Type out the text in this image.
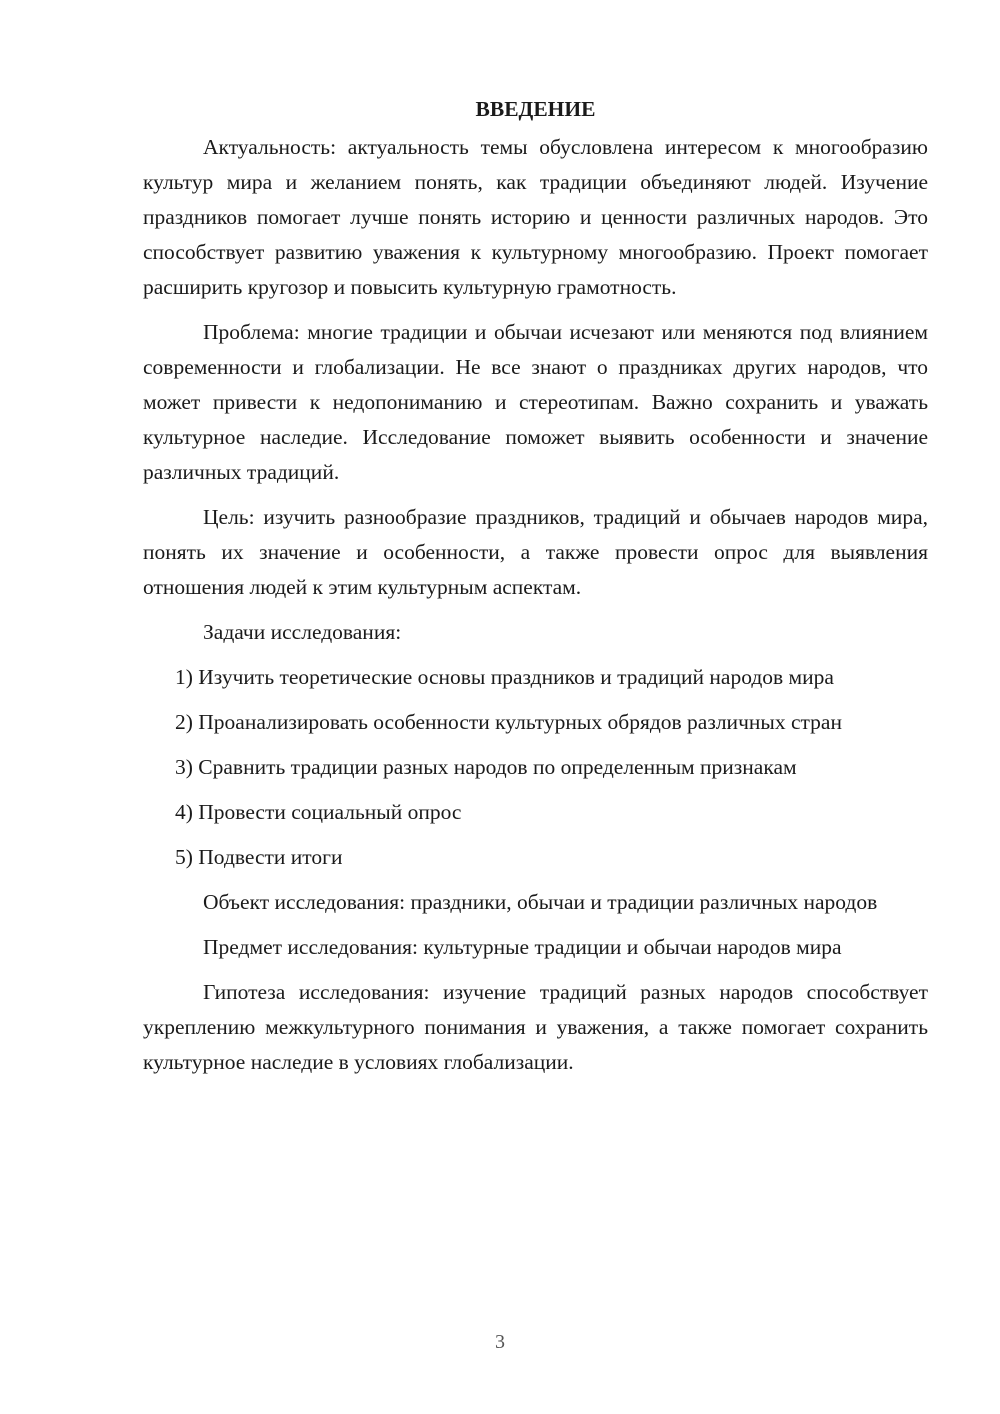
ВВЕДЕНИЕ

Актуальность: актуальность темы обусловлена интересом к многообразию культур мира и желанием понять, как традиции объединяют людей. Изучение праздников помогает лучше понять историю и ценности различных народов. Это способствует развитию уважения к культурному многообразию. Проект помогает расширить кругозор и повысить культурную грамотность.

Проблема: многие традиции и обычаи исчезают или меняются под влиянием современности и глобализации. Не все знают о праздниках других народов, что может привести к недопониманию и стереотипам. Важно сохранить и уважать культурное наследие. Исследование поможет выявить особенности и значение различных традиций.

Цель: изучить разнообразие праздников, традиций и обычаев народов мира, понять их значение и особенности, а также провести опрос для выявления отношения людей к этим культурным аспектам.

Задачи исследования:

1) Изучить теоретические основы праздников и традиций народов мира

2) Проанализировать особенности культурных обрядов различных стран

3) Сравнить традиции разных народов по определенным признакам

4) Провести социальный опрос

5) Подвести итоги

Объект исследования: праздники, обычаи и традиции различных народов

Предмет исследования: культурные традиции и обычаи народов мира

Гипотеза исследования: изучение традиций разных народов способствует укреплению межкультурного понимания и уважения, а также помогает сохранить культурное наследие в условиях глобализации.

3
